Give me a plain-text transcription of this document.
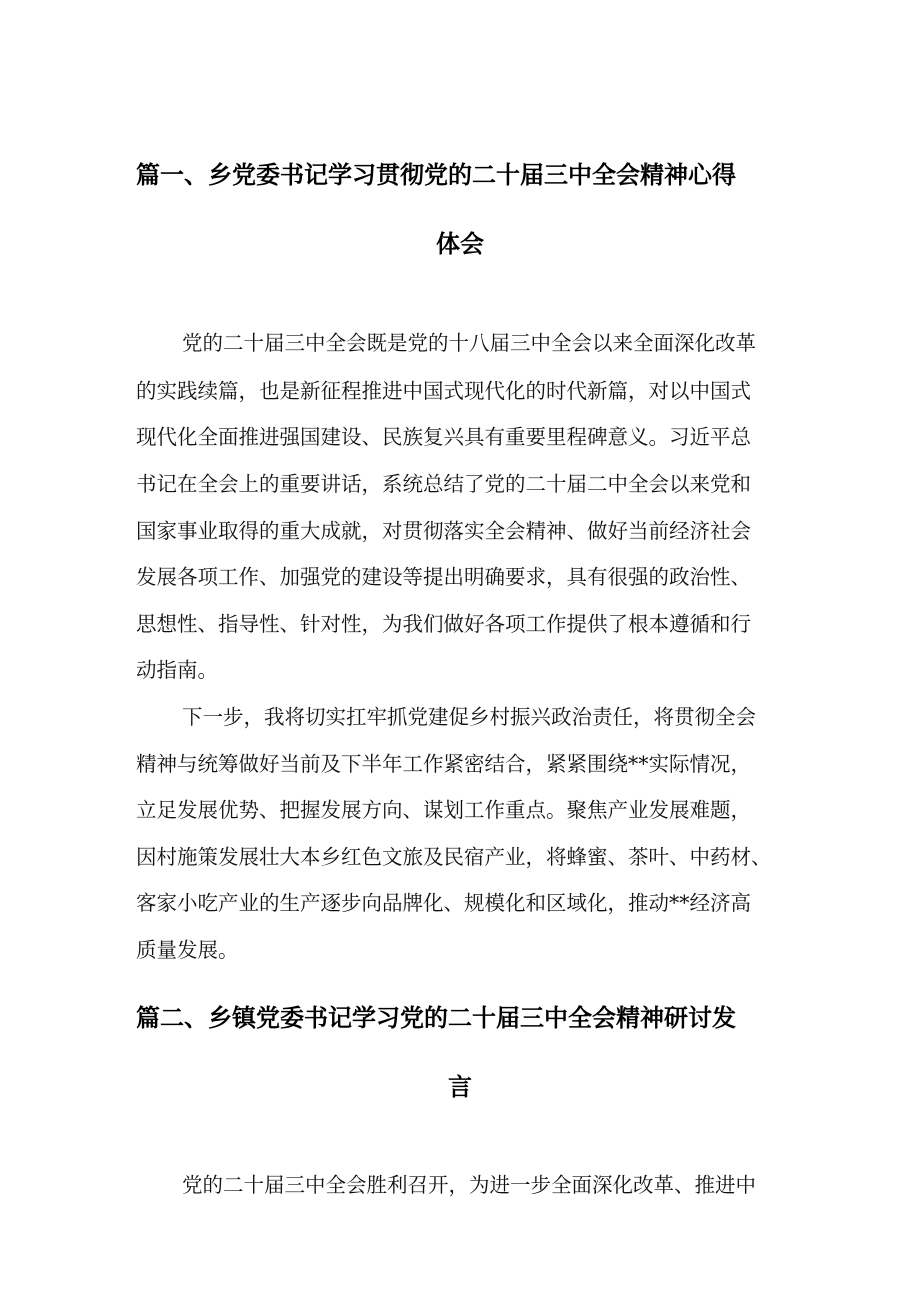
篇一、乡党委书记学习贯彻党的二十届三中全会精神心得
体会

党的二十届三中全会既是党的十八届三中全会以来全面深化改革

的实践续篇，也是新征程推进中国式现代化的时代新篇，对以中国式

现代化全面推进强国建设、民族复兴具有重要里程碑意义。习近平总

书记在全会上的重要讲话，系统总结了党的二十届二中全会以来党和

国家事业取得的重大成就，对贯彻落实全会精神、做好当前经济社会

发展各项工作、加强党的建设等提出明确要求，具有很强的政治性、

思想性、指导性、针对性，为我们做好各项工作提供了根本遵循和行

动指南。

下一步，我将切实扛牢抓党建促乡村振兴政治责任，将贯彻全会

精神与统筹做好当前及下半年工作紧密结合，紧紧围绕**实际情况，

立足发展优势、把握发展方向、谋划工作重点。聚焦产业发展难题，

因村施策发展壮大本乡红色文旅及民宿产业，将蜂蜜、茶叶、中药材、

客家小吃产业的生产逐步向品牌化、规模化和区域化，推动**经济高

质量发展。

篇二、乡镇党委书记学习党的二十届三中全会精神研讨发
言

党的二十届三中全会胜利召开，为进一步全面深化改革、推进中
